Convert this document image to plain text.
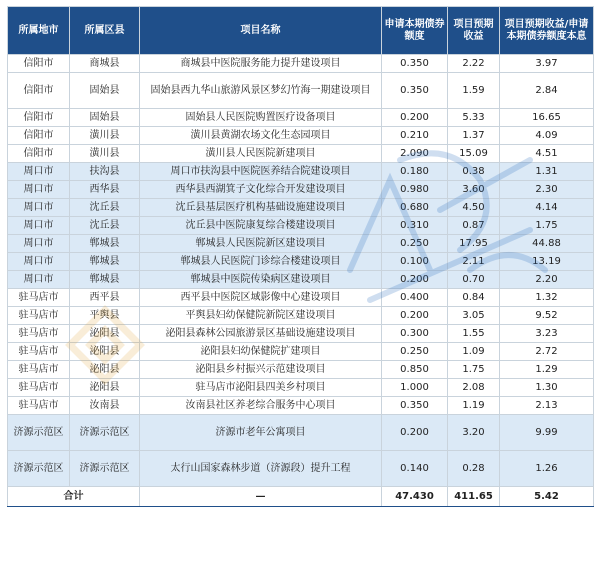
所属地市	所属区县	项目名称	申请本期债券额度	项目预期收益	项目预期收益/申请本期债券额度本息
信阳市	商城县	商城县中医院服务能力提升建设项目	0.350	2.22	3.97
信阳市	固始县	固始县西九华山旅游风景区梦幻竹海一期建设项目	0.350	1.59	2.84
信阳市	固始县	固始县人民医院购置医疗设备项目	0.200	5.33	16.65
信阳市	潢川县	潢川县黄湖农场文化生态园项目	0.210	1.37	4.09
信阳市	潢川县	潢川县人民医院新建项目	2.090	15.09	4.51
周口市	扶沟县	周口市扶沟县中医院医养结合院建设项目	0.180	0.38	1.31
周口市	西华县	西华县西湖箕子文化综合开发建设项目	0.980	3.60	2.30
周口市	沈丘县	沈丘县基层医疗机构基础设施建设项目	0.680	4.50	4.14
周口市	沈丘县	沈丘县中医院康复综合楼建设项目	0.310	0.87	1.75
周口市	郸城县	郸城县人民医院新区建设项目	0.250	17.95	44.88
周口市	郸城县	郸城县人民医院门诊综合楼建设项目	0.100	2.11	13.19
周口市	郸城县	郸城县中医院传染病区建设项目	0.200	0.70	2.20
驻马店市	西平县	西平县中医院区域影像中心建设项目	0.400	0.84	1.32
驻马店市	平舆县	平舆县妇幼保健院新院区建设项目	0.200	3.05	9.52
驻马店市	泌阳县	泌阳县森林公园旅游景区基础设施建设项目	0.300	1.55	3.23
驻马店市	泌阳县	泌阳县妇幼保健院扩建项目	0.250	1.09	2.72
驻马店市	泌阳县	泌阳县乡村振兴示范建设项目	0.850	1.75	1.29
驻马店市	泌阳县	驻马店市泌阳县四美乡村项目	1.000	2.08	1.30
驻马店市	汝南县	汝南县社区养老综合服务中心项目	0.350	1.19	2.13
济源示范区	济源示范区	济源市老年公寓项目	0.200	3.20	9.99
济源示范区	济源示范区	太行山国家森林步道（济源段）提升工程	0.140	0.28	1.26
合计		—	47.430	411.65	5.42
